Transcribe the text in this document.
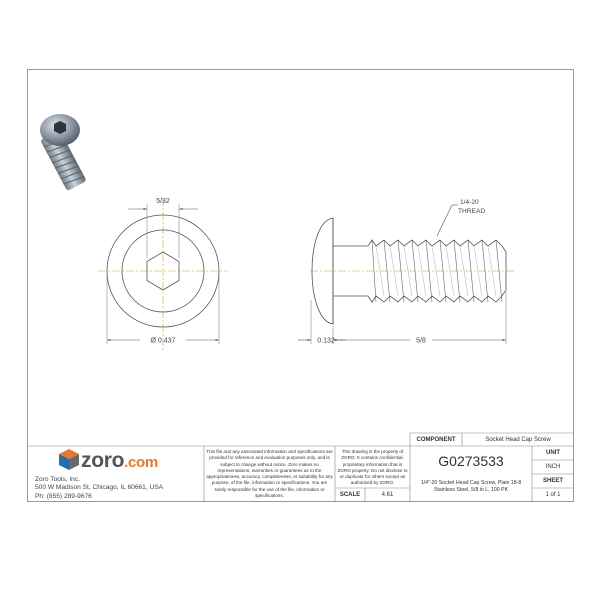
5/32
Ø 0.437
1/4-20
THREAD
0.132	5/8
zoro.com
Zoro Tools, Inc.
500 W Madison St, Chicago, IL 60661, USA
Ph: (855) 289-9676
This file and any associated information and specifications are provided for reference and evaluation purposes only, and is subject to change without notice. Zoro makes no representations, warranties or guarantees as to the appropriateness, accuracy, completeness, or suitability for any purpose, of the file, information or specifications. You are solely responsible for the use of the file, information or specifications.
This drawing is the property of ZORO. It contains confidential, proprietary information that is ZORO property. Do not disclose to or duplicate for others except as authorized by ZORO.
COMPONENT	Socket Head Cap Screw
G0273533
1/4"-20 Socket Head Cap Screw, Plain 18-8 Stainless Steel, 5/8 in L, 100 PK
UNIT
INCH
SHEET
1 of 1
SCALE	4.61
